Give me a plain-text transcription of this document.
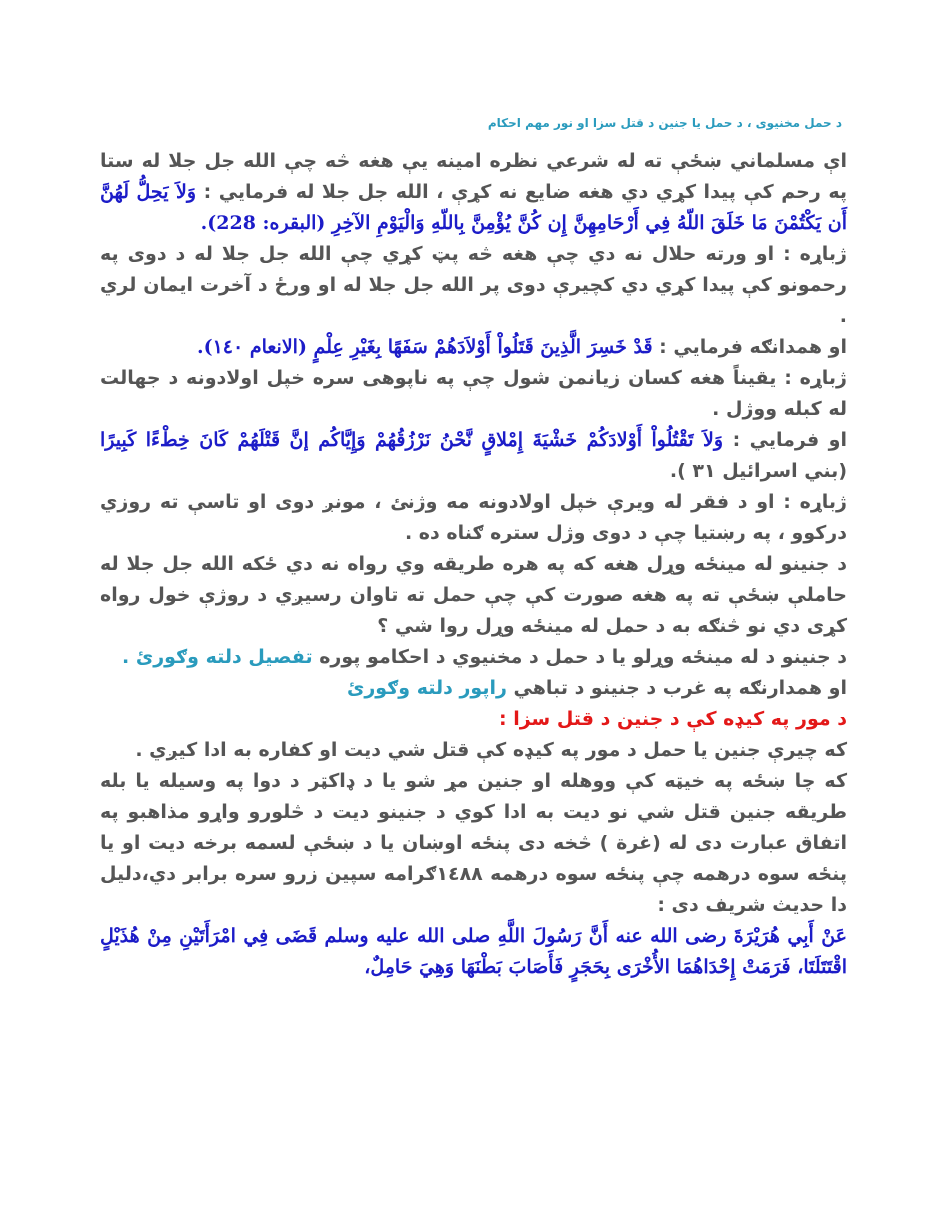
د حمل مخنیوی ، د حمل یا جنین د قتل سزا او نور مهم احکام

اې مسلماني ښځې ته له شرعي نظره امينه يې هغه څه چې الله جل جلا له ستا په رحم کې پيدا کړي دي هغه ضايع نه کړې ، الله جل جلا له فرمايي : وَلاَ يَحِلُّ لَهُنَّ أَن يَكْتُمْنَ مَا خَلَقَ اللّهُ فِي أَرْحَامِهِنَّ إِن كُنَّ يُؤْمِنَّ بِاللّهِ وَالْيَوْمِ الآخِرِ (البقره: 228).

ژباړه : او ورته حلال نه دي چې هغه څه پټ کړي چې الله جل جلا له د دوی په رحمونو کې پيدا کړي دي کچيرې دوی پر الله جل جلا له او ورځ د آخرت ايمان لري .

او همدانګه فرمايي : قَدْ خَسِرَ الَّذِينَ قَتَلُواْ أَوْلاَدَهُمْ سَفَهًا بِغَيْرِ عِلْمٍ (الانعام ١٤٠).

ژباړه : يقيناً هغه کسان زيانمن شول چې په ناپوهی سره خپل اولادونه د جهالت له کبله ووژل .

او فرمايي : وَلاَ تَقْتُلُواْ أَوْلادَكُمْ خَشْيَةَ إِمْلاقٍ نَّحْنُ نَرْزُقُهُمْ وَإِيَّاكُم إنَّ قَتْلَهُمْ كَانَ خِطْءًا كَبِيرًا (بني اسرائيل ٣١ ).

ژباړه : او د فقر له ويرې خپل اولادونه مه وژنئ ، مونږ دوی او تاسې ته روزي درکوو ، په رښتيا چې د دوی وژل ستره ګناه ده .

د جنينو له مينځه وړل هغه که په هره طريقه وي رواه نه دي ځکه الله جل جلا له حاملې ښځې ته په هغه صورت کې چې حمل ته تاوان رسيږي د روژې خول رواه کړی دي نو څنګه به د حمل له مينځه وړل روا شي ؟

د جنينو د له مينځه وړلو يا د حمل د مخنيوي د احکامو پوره تفصيل دلته وګورئ .

او همدارنګه په غرب د جنينو د تباهي راپور دلته وګورئ

د مور په کيډه کې د جنين د قتل سزا :

که چيرې جنين يا حمل د مور په کيډه کې قتل شي ديت او کفاره به ادا کيږي .

که چا ښځه په خيټه کې ووهله او جنين مړ شو يا د ډاکټر د دوا په وسيله يا بله طريقه جنين قتل شي نو ديت به ادا کوي د جنينو ديت د څلورو واړو مذاهبو په اتفاق عبارت دی له (غرة ) څخه دی پنځه اوښان يا د ښځې لسمه برخه ديت او يا پنځه سوه درهمه چې پنځه سوه درهمه ١٤٨٨ګرامه سپين زرو سره برابر دي،دليل دا حديث شريف دی :

عَنْ أَبِي هُرَيْرَةَ رضی الله عنه أَنَّ رَسُولَ اللَّهِ صلى الله عليه وسلم قَضَى فِي امْرَأَتَيْنِ مِنْ هُذَيْلٍ اقْتَتَلَتَا، فَرَمَتْ إِحْدَاهُمَا الأُخْرَى بِحَجَرٍ فَأَصَابَ بَطْنَهَا وَهِيَ حَامِلٌ،
